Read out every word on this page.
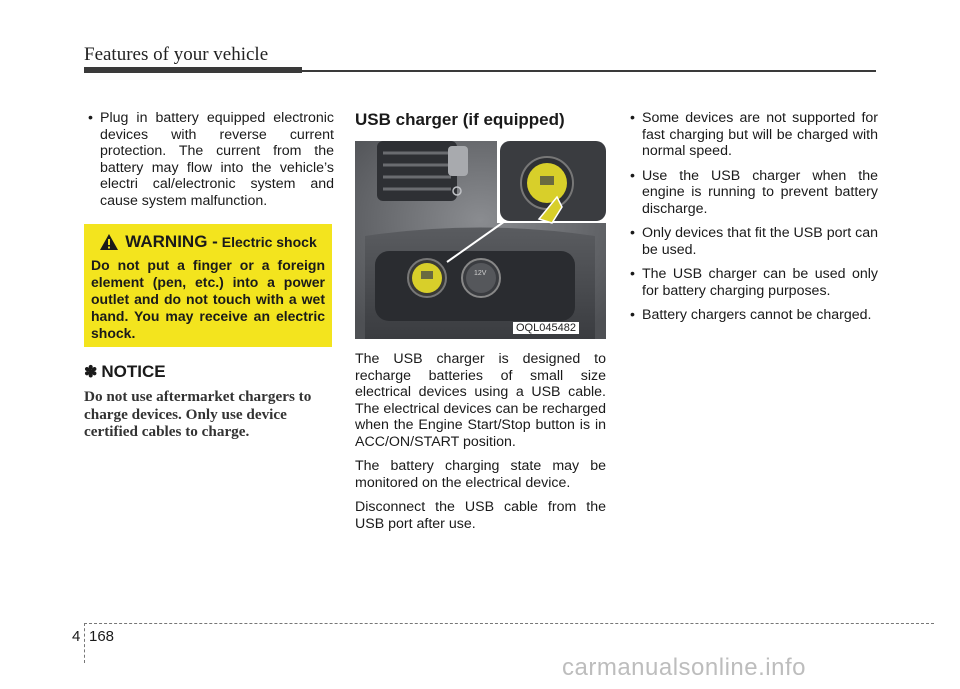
Features of your vehicle

• Plug in battery equipped electronic devices with reverse current protection. The current from the battery may flow into the vehicle’s electri cal/electronic system and cause system malfunction.

WARNING - Electric shock
Do not put a finger or a foreign element (pen, etc.) into a power outlet and do not touch with a wet hand. You may receive an electric shock.
✽ NOTICE
Do not use aftermarket chargers to charge devices. Only use device certified cables to charge.
USB charger (if equipped)
12V

The USB charger is designed to recharge batteries of small size electrical devices using a USB cable. The electrical devices can be recharged when the Engine Start/Stop button is in ACC/ON/START position.

The battery charging state may be monitored on the electrical device.

Disconnect the USB cable from the USB port after use.

OQL045482

• Some devices are not supported for fast charging but will be charged with normal speed.

• Use the USB charger when the engine is running to prevent battery discharge.

• Only devices that fit the USB port can be used.

• The USB charger can be used only for battery charging purposes.

• Battery chargers cannot be charged.

4 168
carmanualsonline.info
